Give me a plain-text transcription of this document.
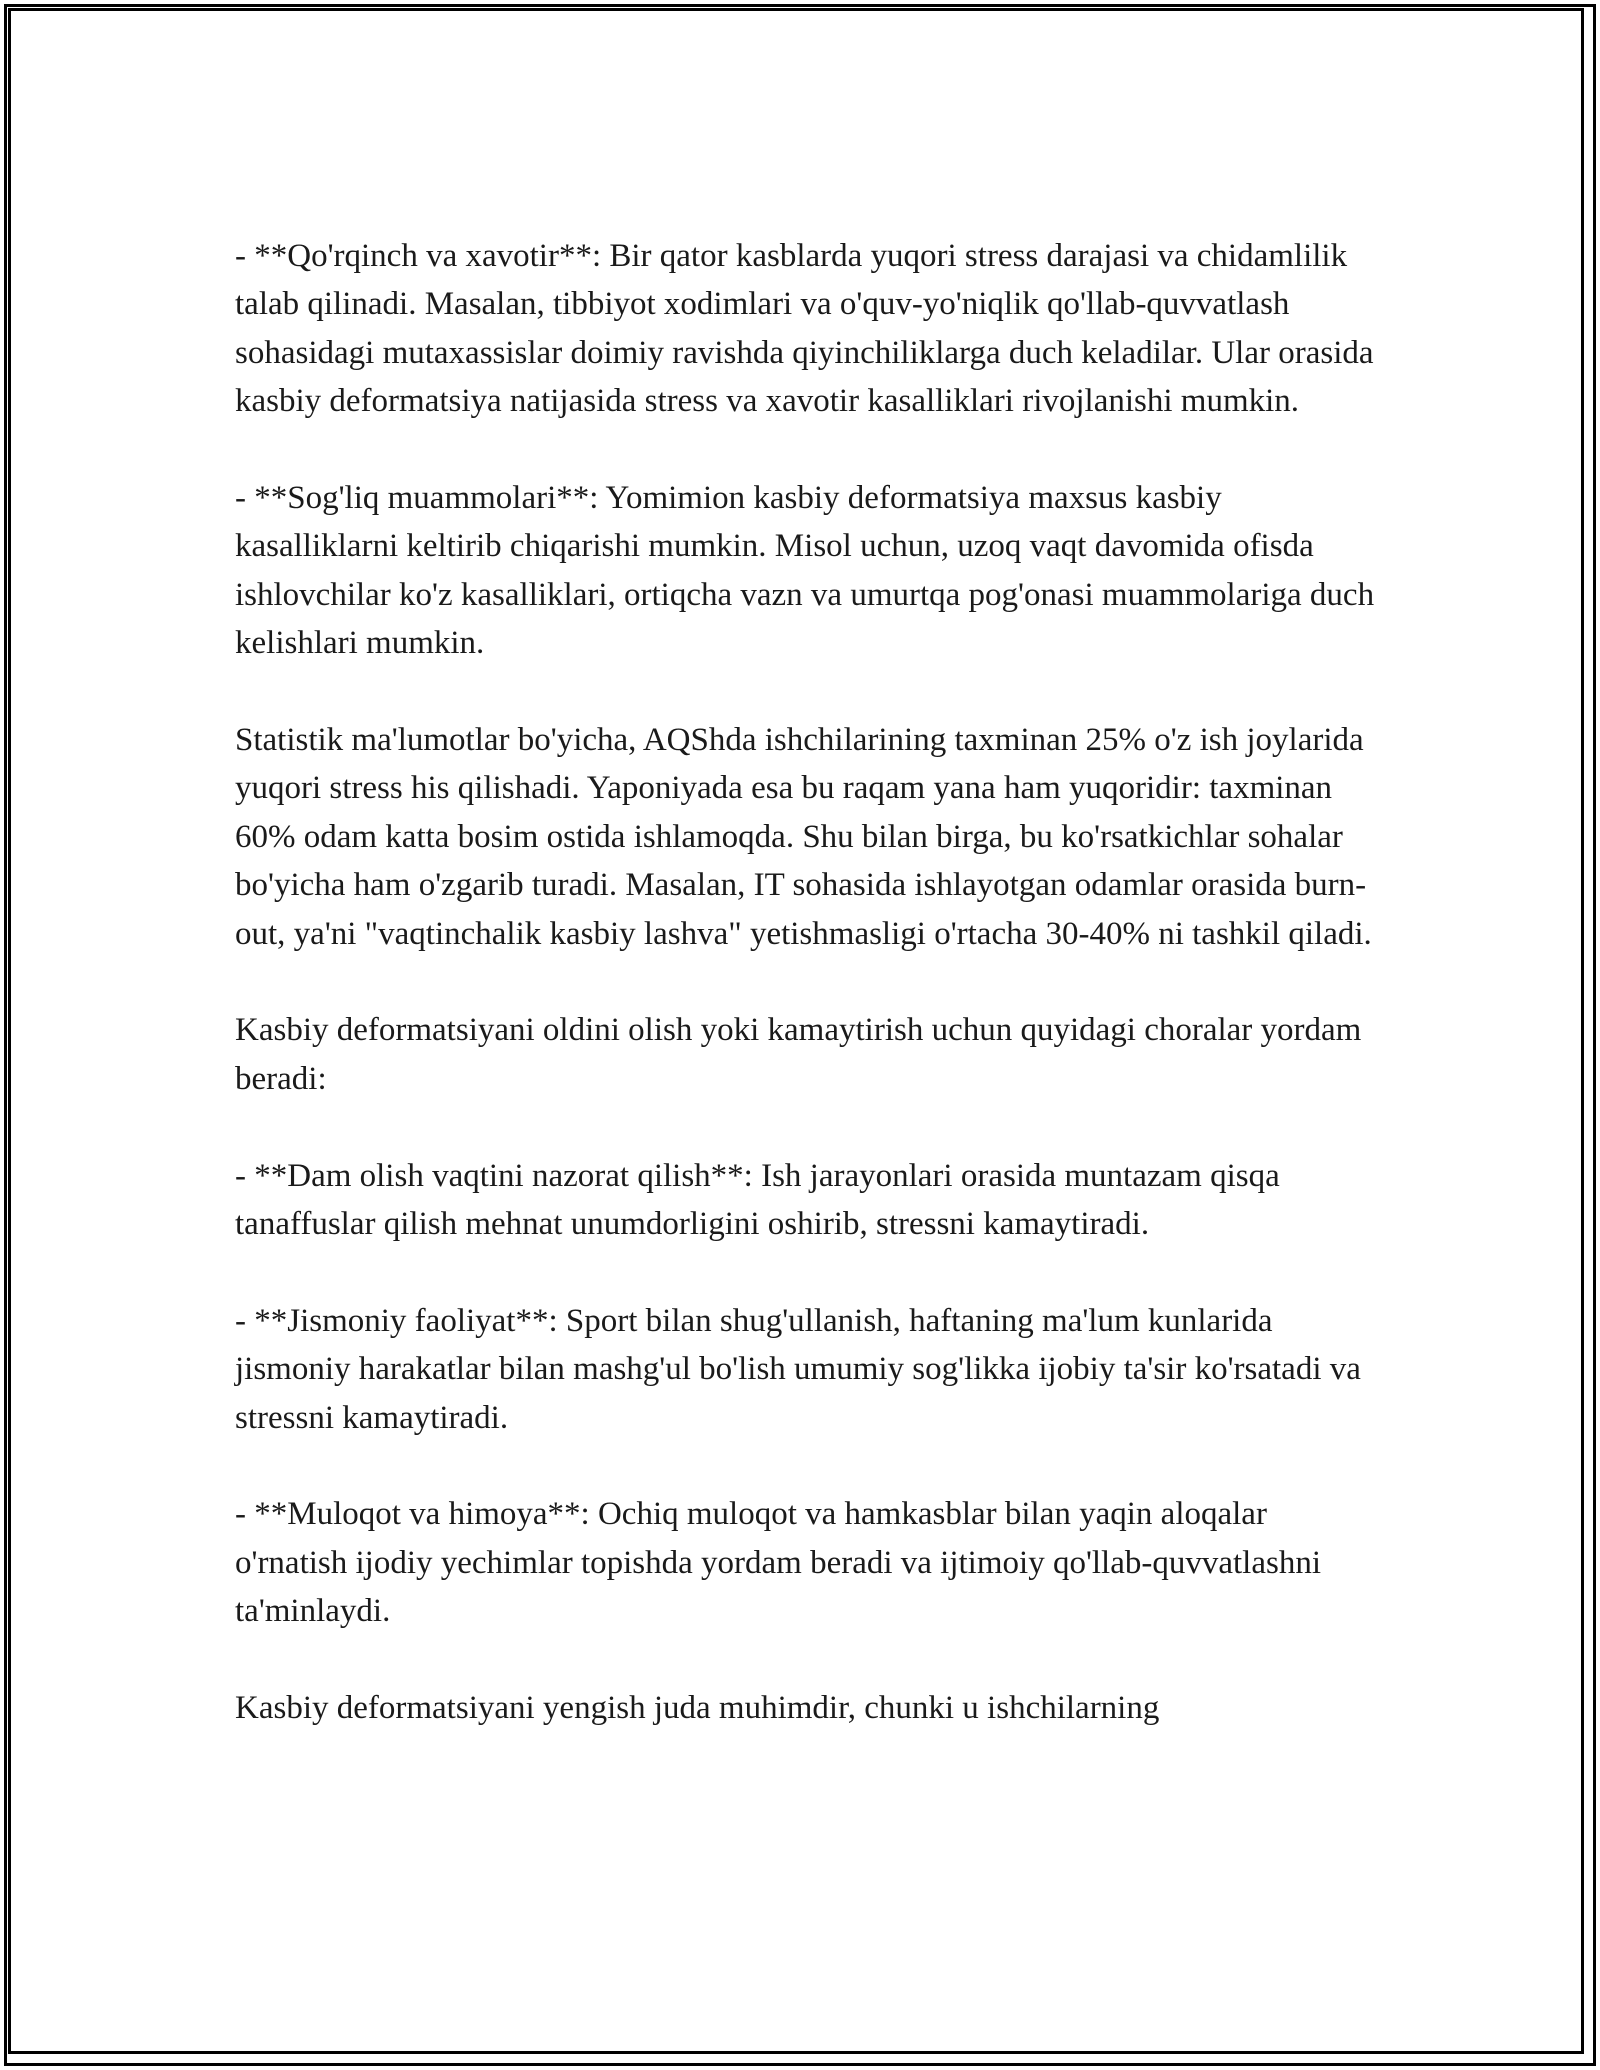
- **Qo'rqinch va xavotir**: Bir qator kasblarda yuqori stress darajasi va chidamlilik talab qilinadi. Masalan, tibbiyot xodimlari va o'quv-yo'niqlik qo'llab-quvvatlash sohasidagi mutaxassislar doimiy ravishda qiyinchiliklarga duch keladilar. Ular orasida kasbiy deformatsiya natijasida stress va xavotir kasalliklari rivojlanishi mumkin.

- **Sog'liq muammolari**: Yomimion kasbiy deformatsiya maxsus kasbiy kasalliklarni keltirib chiqarishi mumkin. Misol uchun, uzoq vaqt davomida ofisda ishlovchilar ko'z kasalliklari, ortiqcha vazn va umurtqa pog'onasi muammolariga duch kelishlari mumkin.

Statistik ma'lumotlar bo'yicha, AQShda ishchilarining taxminan 25% o'z ish joylarida yuqori stress his qilishadi. Yaponiyada esa bu raqam yana ham yuqoridir: taxminan 60% odam katta bosim ostida ishlamoqda. Shu bilan birga, bu ko'rsatkichlar sohalar bo'yicha ham o'zgarib turadi. Masalan, IT sohasida ishlayotgan odamlar orasida burn-out, ya'ni "vaqtinchalik kasbiy lashva" yetishmasligi o'rtacha 30-40% ni tashkil qiladi.

Kasbiy deformatsiyani oldini olish yoki kamaytirish uchun quyidagi choralar yordam beradi:

- **Dam olish vaqtini nazorat qilish**: Ish jarayonlari orasida muntazam qisqa tanaffuslar qilish mehnat unumdorligini oshirib, stressni kamaytiradi.

- **Jismoniy faoliyat**: Sport bilan shug'ullanish, haftaning ma'lum kunlarida jismoniy harakatlar bilan mashg'ul bo'lish umumiy sog'likka ijobiy ta'sir ko'rsatadi va stressni kamaytiradi.

- **Muloqot va himoya**: Ochiq muloqot va hamkasblar bilan yaqin aloqalar o'rnatish ijodiy yechimlar topishda yordam beradi va ijtimoiy qo'llab-quvvatlashni ta'minlaydi.

Kasbiy deformatsiyani yengish juda muhimdir, chunki u ishchilarning
